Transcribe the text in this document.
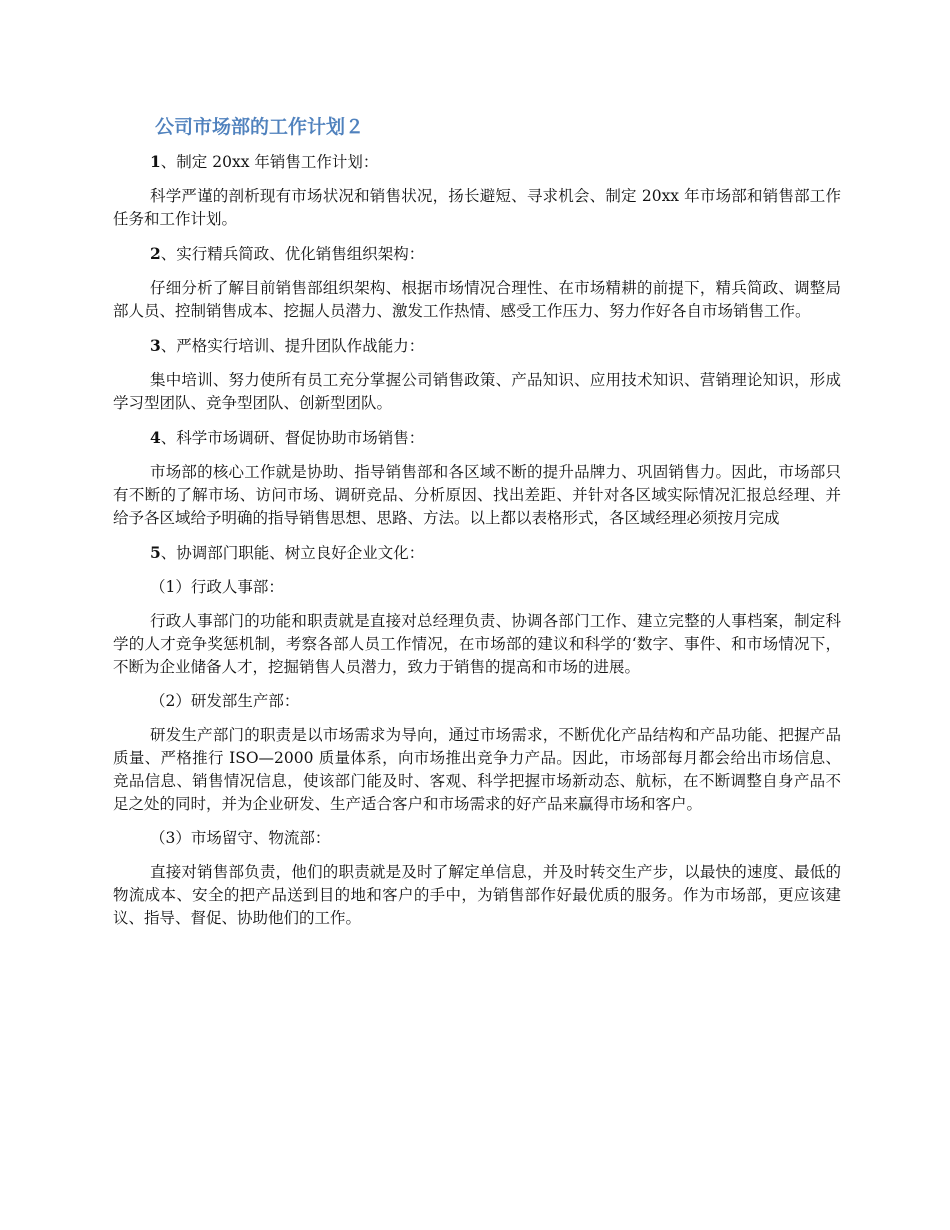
公司市场部的工作计划２

1、制定 20xx 年销售工作计划：

科学严谨的剖析现有市场状况和销售状况，扬长避短、寻求机会、制定 20xx 年市场部和销售部工作任务和工作计划。

2、实行精兵简政、优化销售组织架构：

仔细分析了解目前销售部组织架构、根据市场情况合理性、在市场精耕的前提下，精兵简政、调整局部人员、控制销售成本、挖掘人员潜力、激发工作热情、感受工作压力、努力作好各自市场销售工作。

3、严格实行培训、提升团队作战能力：

集中培训、努力使所有员工充分掌握公司销售政策、产品知识、应用技术知识、营销理论知识，形成学习型团队、竞争型团队、创新型团队。

4、科学市场调研、督促协助市场销售：

市场部的核心工作就是协助、指导销售部和各区域不断的提升品牌力、巩固销售力。因此，市场部只有不断的了解市场、访问市场、调研竞品、分析原因、找出差距、并针对各区域实际情况汇报总经理、并给予各区域给予明确的指导销售思想、思路、方法。以上都以表格形式，各区域经理必须按月完成

5、协调部门职能、树立良好企业文化：

（1）行政人事部：

行政人事部门的功能和职责就是直接对总经理负责、协调各部门工作、建立完整的人事档案，制定科学的人才竞争奖惩机制，考察各部人员工作情况，在市场部的建议和科学的‘数字、事件、和市场情况下，不断为企业储备人才，挖掘销售人员潜力，致力于销售的提高和市场的进展。

（2）研发部生产部：

研发生产部门的职责是以市场需求为导向，通过市场需求，不断优化产品结构和产品功能、把握产品质量、严格推行 ISO—2000 质量体系，向市场推出竞争力产品。因此，市场部每月都会给出市场信息、竞品信息、销售情况信息，使该部门能及时、客观、科学把握市场新动态、航标，在不断调整自身产品不足之处的同时，并为企业研发、生产适合客户和市场需求的好产品来赢得市场和客户。

（3）市场留守、物流部：

直接对销售部负责，他们的职责就是及时了解定单信息，并及时转交生产步，以最快的速度、最低的物流成本、安全的把产品送到目的地和客户的手中，为销售部作好最优质的服务。作为市场部，更应该建议、指导、督促、协助他们的工作。
